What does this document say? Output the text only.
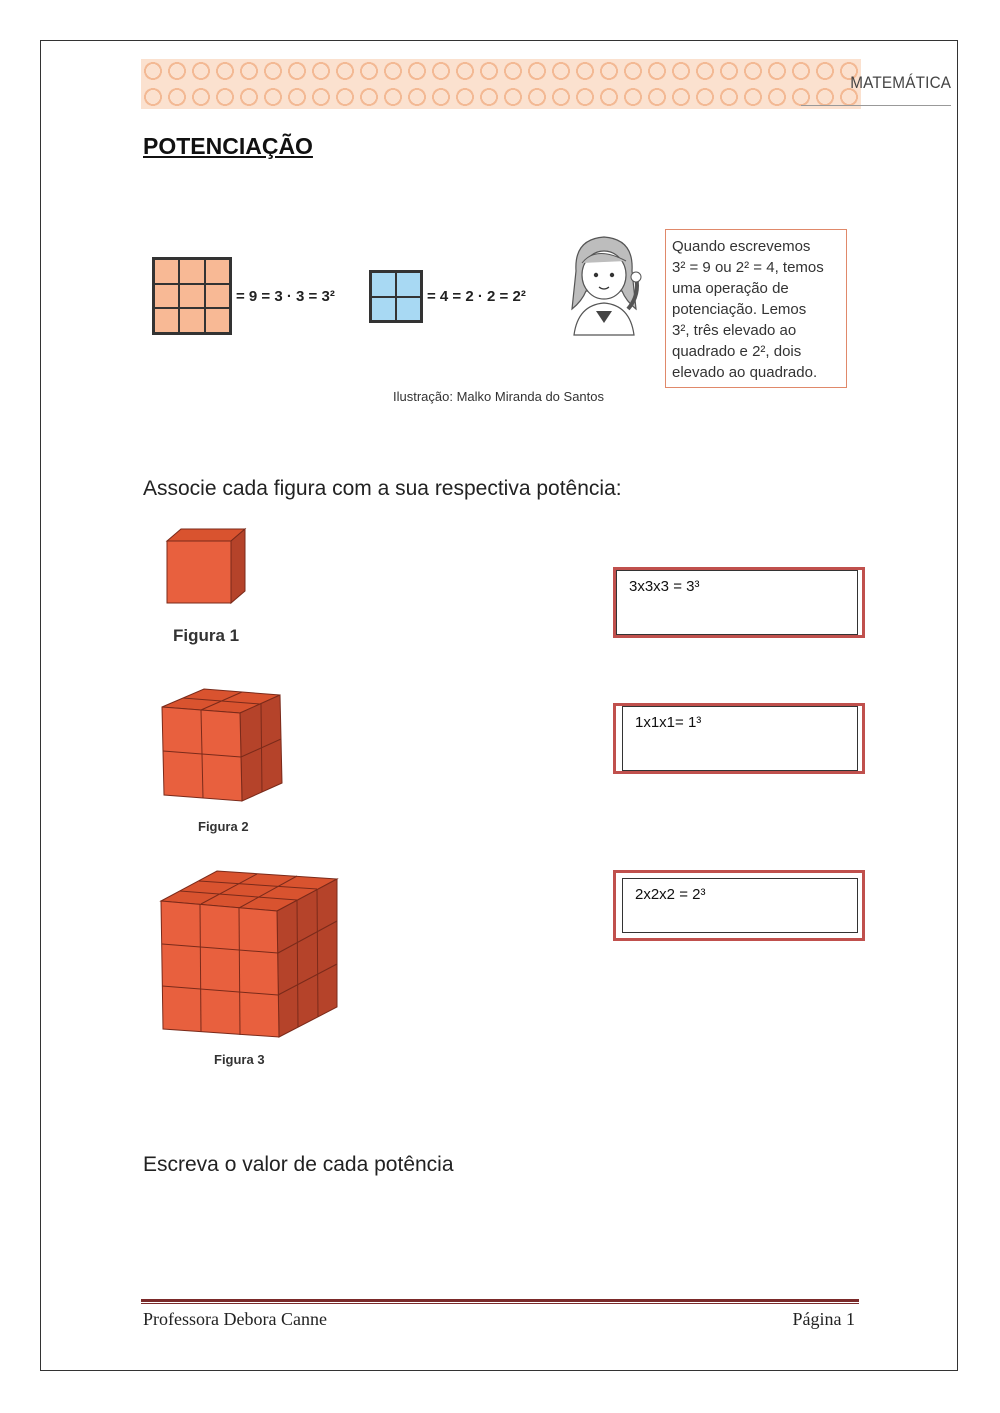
MATEMÁTICA
POTENCIAÇÃO
= 9 = 3 · 3 = 3²	= 4 = 2 · 2 = 2²
Quando escrevemos
3² = 9 ou 2² = 4, temos
uma operação de
potenciação. Lemos
3², três elevado ao
quadrado e 2², dois
elevado ao quadrado.
Ilustração: Malko Miranda do Santos
Associe cada figura com a sua respectiva potência:
Figura 1
Figura 2
Figura 3
3x3x3 = 3³
1x1x1= 1³
2x2x2 = 2³
Escreva o valor de cada potência
Professora Debora Canne	Página 1
